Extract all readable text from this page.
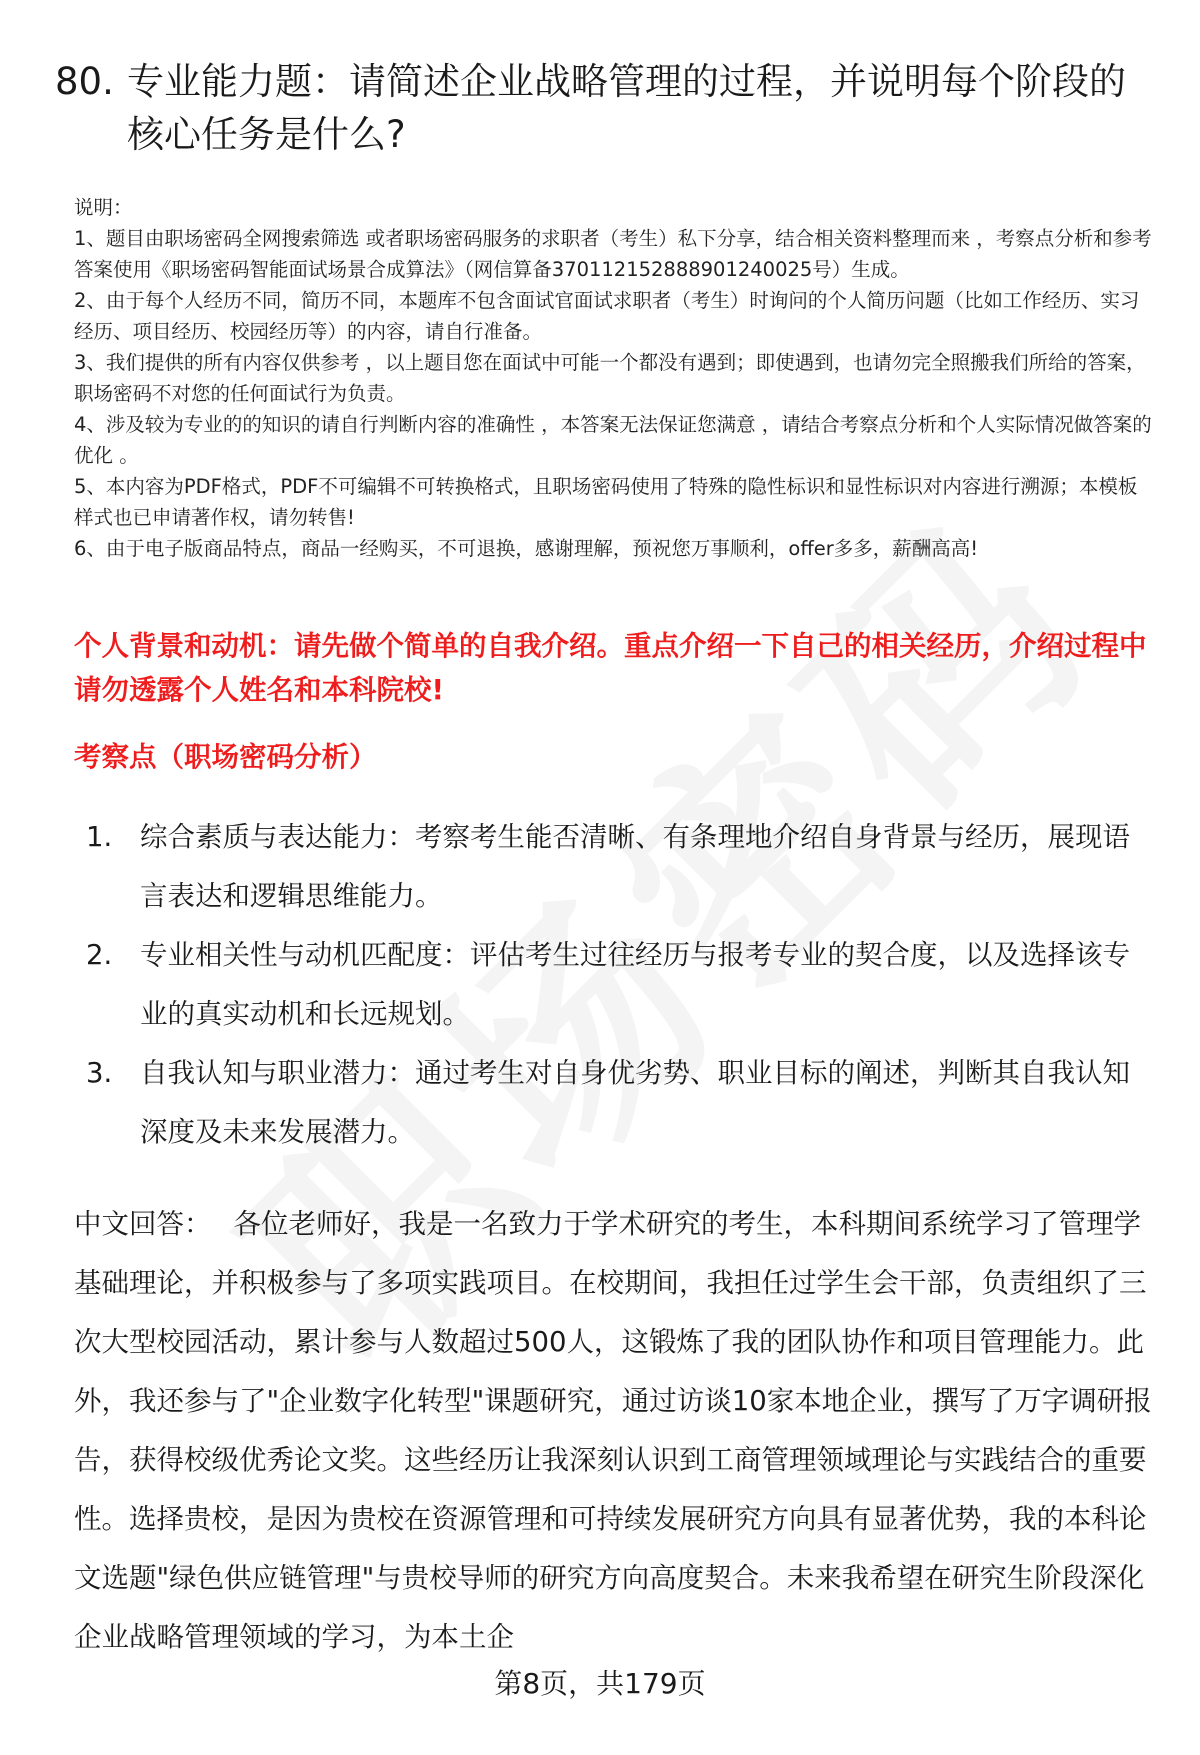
80. 专业能力题：请简述企业战略管理的过程，并说明每个阶段的核心任务是什么?

说明：

1、题目由职场密码全网搜索筛选 或者职场密码服务的求职者（考生）私下分享，结合相关资料整理而来 ，考察点分析和参考答案使用《职场密码智能面试场景合成算法》（网信算备370112152888901240025号）生成。

2、由于每个人经历不同，简历不同，本题库不包含面试官面试求职者（考生）时询问的个人简历问题（比如工作经历、实习经历、项目经历、校园经历等）的内容，请自行准备。

3、我们提供的所有内容仅供参考 ，以上题目您在面试中可能一个都没有遇到；即使遇到，也请勿完全照搬我们所给的答案，职场密码不对您的任何面试行为负责。

4、涉及较为专业的的知识的请自行判断内容的准确性 ，本答案无法保证您满意 ，请结合考察点分析和个人实际情况做答案的优化 。

5、本内容为PDF格式，PDF不可编辑不可转换格式，且职场密码使用了特殊的隐性标识和显性标识对内容进行溯源；本模板样式也已申请著作权，请勿转售!

6、由于电子版商品特点，商品一经购买，不可退换，感谢理解，预祝您万事顺利，offer多多，薪酬高高!

个人背景和动机：请先做个简单的自我介绍。重点介绍一下自己的相关经历，介绍过程中请勿透露个人姓名和本科院校!
考察点（职场密码分析）
1.	综合素质与表达能力：考察考生能否清晰、有条理地介绍自身背景与经历，展现语言表达和逻辑思维能力。
2.	专业相关性与动机匹配度：评估考生过往经历与报考专业的契合度，以及选择该专业的真实动机和长远规划。
3.	自我认知与职业潜力：通过考生对自身优劣势、职业目标的阐述，判断其自我认知深度及未来发展潜力。

中文回答： 各位老师好，我是一名致力于学术研究的考生，本科期间系统学习了管理学基础理论，并积极参与了多项实践项目。在校期间，我担任过学生会干部，负责组织了三次大型校园活动，累计参与人数超过500人，这锻炼了我的团队协作和项目管理能力。此外，我还参与了"企业数字化转型"课题研究，通过访谈10家本地企业，撰写了万字调研报告，获得校级优秀论文奖。这些经历让我深刻认识到工商管理领域理论与实践结合的重要性。选择贵校，是因为贵校在资源管理和可持续发展研究方向具有显著优势，我的本科论文选题"绿色供应链管理"与贵校导师的研究方向高度契合。未来我希望在研究生阶段深化企业战略管理领域的学习，为本土企

第8页，共179页
